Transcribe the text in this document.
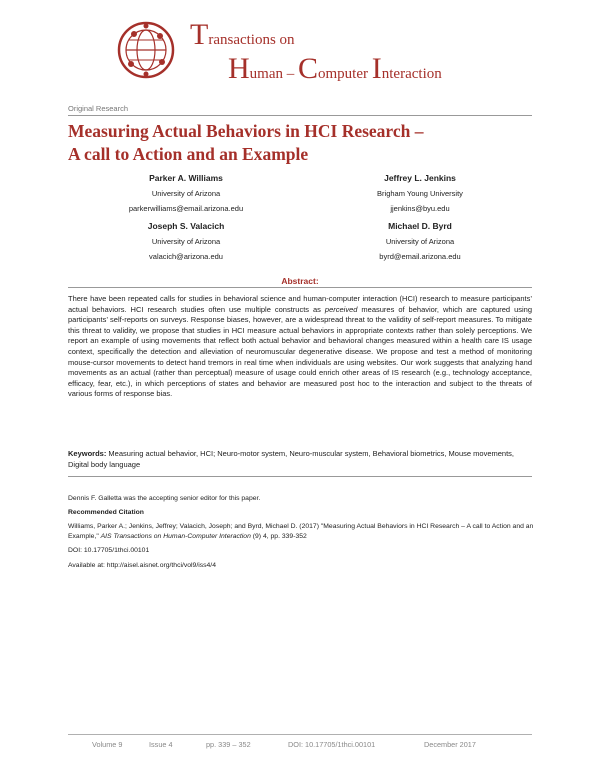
Transactions on
Human – Computer Interaction
Original Research
Measuring Actual Behaviors in HCI Research –
A call to Action and an Example
Parker A. Williams
University of Arizona
parkerwilliams@email.arizona.edu
Jeffrey L. Jenkins
Brigham Young University
jjenkins@byu.edu
Joseph S. Valacich
University of Arizona
valacich@arizona.edu
Michael D. Byrd
University of Arizona
byrd@email.arizona.edu
Abstract:
There have been repeated calls for studies in behavioral science and human-computer interaction (HCI) research to measure participants’ actual behaviors. HCI research studies often use multiple constructs as perceived measures of behavior, which are captured using participants’ self-reports on surveys. Response biases, however, are a widespread threat to the validity of self-report measures. To mitigate this threat to validity, we propose that studies in HCI measure actual behaviors in appropriate contexts rather than solely perceptions. We report an example of using movements that reflect both actual behavior and behavioral changes measured within a health care IS usage context, specifically the detection and alleviation of neuromuscular degenerative disease. We propose and test a method of monitoring mouse-cursor movements to detect hand tremors in real time when individuals are using websites. Our work suggests that analyzing hand movements as an actual (rather than perceptual) measure of usage could enrich other areas of IS research (e.g., technology acceptance, efficacy, fear, etc.), in which perceptions of states and behavior are measured post hoc to the interaction and subject to the threats of various forms of response bias.
Keywords: Measuring actual behavior, HCI; Neuro-motor system, Neuro-muscular system, Behavioral biometrics, Mouse movements, Digital body language
Dennis F. Galletta was the accepting senior editor for this paper.
Recommended Citation
Williams, Parker A.; Jenkins, Jeffrey; Valacich, Joseph; and Byrd, Michael D. (2017) "Measuring Actual Behaviors in HCI Research – A call to Action and an Example," AIS Transactions on Human-Computer Interaction (9) 4, pp. 339-352
DOI: 10.17705/1thci.00101
Available at: http://aisel.aisnet.org/thci/vol9/iss4/4
Volume 9	Issue 4	pp. 339 – 352	DOI: 10.17705/1thci.00101	December 2017
